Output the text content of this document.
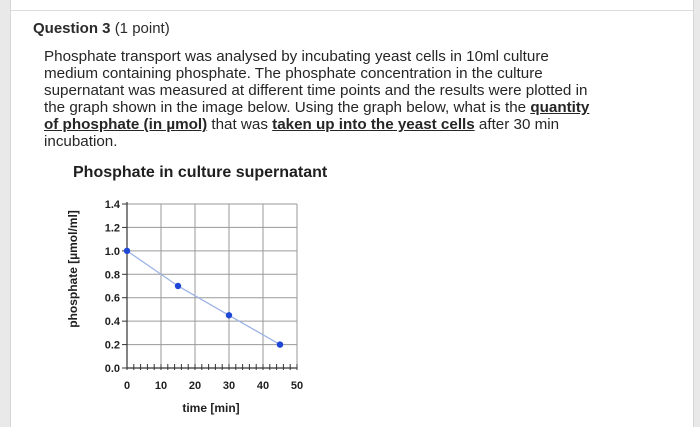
Question 3 (1 point)
Phosphate transport was analysed by incubating yeast cells in 10ml culture medium containing phosphate. The phosphate concentration in the culture supernatant was measured at different time points and the results were plotted in the graph shown in the image below. Using the graph below, what is the quantity of phosphate (in µmol) that was taken up into the yeast cells after 30 min incubation.
Phosphate in culture supernatant
phosphate [µmol/ml]
time [min]
0.0
0.2
0.4
0.6
0.8
1.0
1.2
1.4
0 10 20 30 40 50
